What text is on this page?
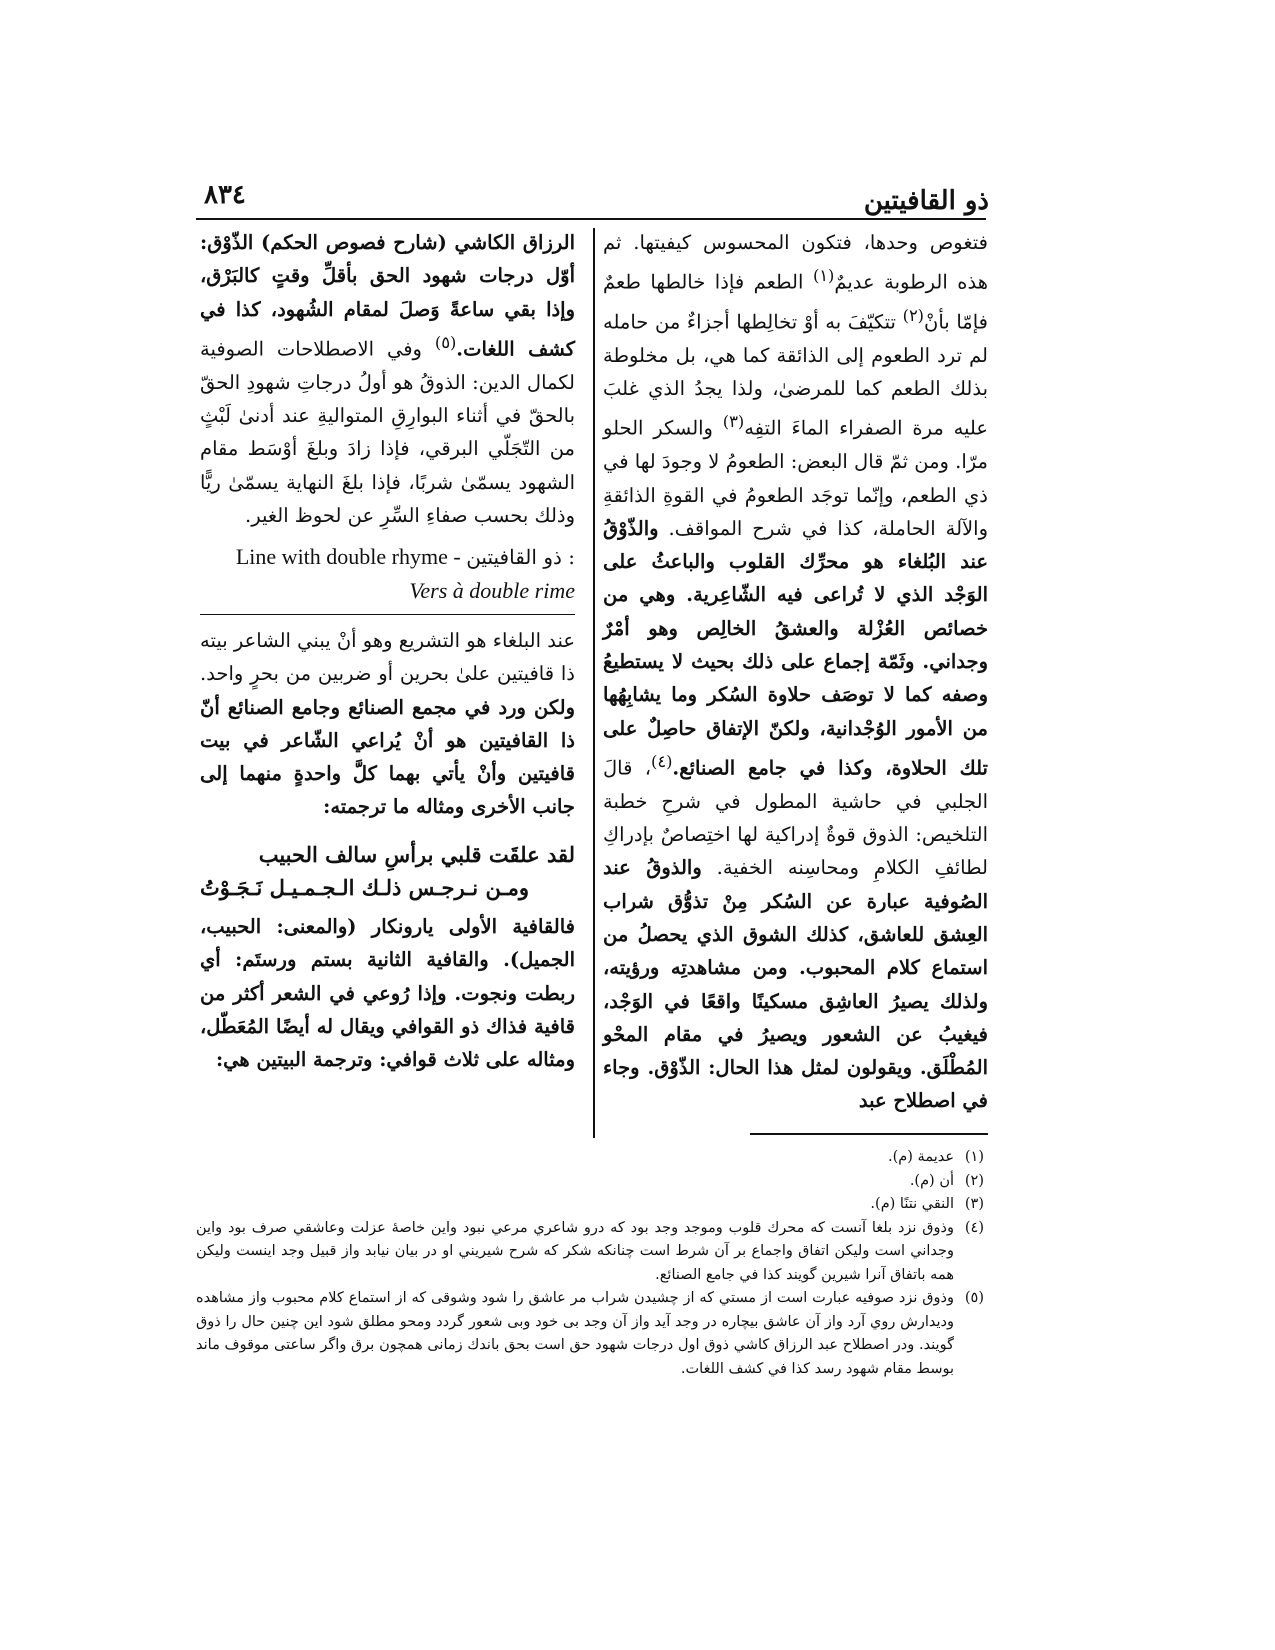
ذو القافيتين
٨٣٤

فتغوص وحدها، فتكون المحسوس كيفيتها. ثم هذه الرطوبة عديمٌ$^{(١)}$ الطعم فإذا خالطها طعمٌ فإمّا بأنْ$^{(٢)}$ تتكيّفَ به أوْ تخالِطها أجزاءٌ من حامله لم ترد الطعوم إلى الذائقة كما هي، بل مخلوطة بذلك الطعم كما للمرضىٰ، ولذا يجدُ الذي غلبَ عليه مرة الصفراء الماءَ التفِه$^{(٣)}$ والسكر الحلو مرّا. ومن ثمّ قال البعض: الطعومُ لا وجودَ لها في ذي الطعم، وإنّما توجَد الطعومُ في القوةِ الذائقةِ والآلة الحاملة، كذا في شرح المواقف. والذّوْقُ عند البُلغاء هو محرِّك القلوب والباعثُ على الوَجْد الذي لا تُراعى فيه الشّاعِرية. وهي من خصائص العُزْلة والعشقُ الخالِص وهو أمْرٌ وجداني. وثَمّة إجماع على ذلك بحيث لا يستطيعُ وصفه كما لا توصَف حلاوة السُكر وما يشابِهُها من الأمور الوُجْدانية، ولكنّ الإتفاق حاصِلٌ على تلك الحلاوة، وكذا في جامع الصنائع.$^{(٤)}$، قالَ الجلبي في حاشية المطول في شرحِ خطبة التلخيص: الذوق قوةٌ إدراكية لها اختِصاصٌ بإدراكِ لطائفِ الكلامِ ومحاسِنه الخفية. والذوقُ عند الصُوفية عبارة عن السُكر مِنْ تذوُّق شراب العِشق للعاشق، كذلك الشوق الذي يحصلُ من استماع كلام المحبوب. ومن مشاهدتِه ورؤيته، ولذلك يصيرُ العاشِق مسكينًا واقعًا في الوَجْد، فيغيبُ عن الشعور ويصيرُ في مقام المحْو المُطْلَق. ويقولون لمثل هذا الحال: الذّوْق. وجاء في اصطلاح عبد

الرزاق الكاشي (شارح فصوص الحكم) الذّوْق: أوّل درجات شهود الحق بأقلِّ وقتٍ كالبَرْق، وإذا بقي ساعةً وَصلَ لمقام الشُهود، كذا في كشف اللغات.$^{(٥)}$ وفي الاصطلاحات الصوفية لكمال الدين: الذوقُ هو أولُ درجاتِ شهودِ الحقّ بالحقّ في أثناء البوارِقِ المتواليةِ عند أدنىٰ لَبْثٍ من التّجَلّي البرقي، فإذا زادَ وبلغَ أوْسَط مقام الشهود يسمّىٰ شربًا، فإذا بلغَ النهاية يسمّىٰ ريًّا وذلك بحسب صفاءِ السِّرِ عن لحوظ الغير.

Line with double rhyme - ذو القافيتين :
Vers à double rime

عند البلغاء هو التشريع وهو أنْ يبني الشاعر بيته ذا قافيتين علىٰ بحرين أو ضربين من بحرٍ واحد. ولكن ورد في مجمع الصنائع وجامع الصنائع أنّ ذا القافيتين هو أنْ يُراعي الشّاعر في بيت قافيتين وأنْ يأتي بهما كلَّ واحدةٍ منهما إلى جانب الأخرى ومثاله ما ترجمته:

لقد علقَت قلبي برأسِ سالف الحبيب
ومـن نـرجـس ذلـك الـجـمـيـل نَـجَـوْتُ
فالقافية الأولى يارونكار (والمعنى: الحبيب، الجميل). والقافية الثانية بستم ورستَم: أي ربطت ونجوت. وإذا رُوعي في الشعر أكثر من قافية فذاك ذو القوافي ويقال له أيضًا المُعَطّل، ومثاله على ثلاث قوافي: وترجمة البيتين هي:
(١)
عديمة (م).
(٢)
أن (م).
(٣)
النقي نتنًا (م).
(٤)
وذوق نزد بلغا آنست كه محرك قلوب وموجد وجد بود كه درو شاعري مرعي نبود واين خاصهٔ عزلت وعاشقي صرف بود واين وجداني است وليكن اتفاق واجماع بر آن شرط است چنانكه شكر كه شرح شيريني او در بيان نيابد واز قبيل وجد اينست وليكن همه باتفاق آنرا شيرين گويند كذا في جامع الصنائع.
(٥)
وذوق نزد صوفيه عبارت است از مستي كه از چشيدن شراب مر عاشق را شود وشوقى كه از استماع كلام محبوب واز مشاهده وديدارش روي آرد واز آن عاشق بيچاره در وجد آيد واز آن وجد بى خود وبى شعور گردد ومحو مطلق شود اين چنين حال را ذوق گويند. ودر اصطلاح عبد الرزاق كاشي ذوق اول درجات شهود حق است بحق باندك زمانى همچون برق واگر ساعتى موقوف ماند بوسط مقام شهود رسد كذا في كشف اللغات.
